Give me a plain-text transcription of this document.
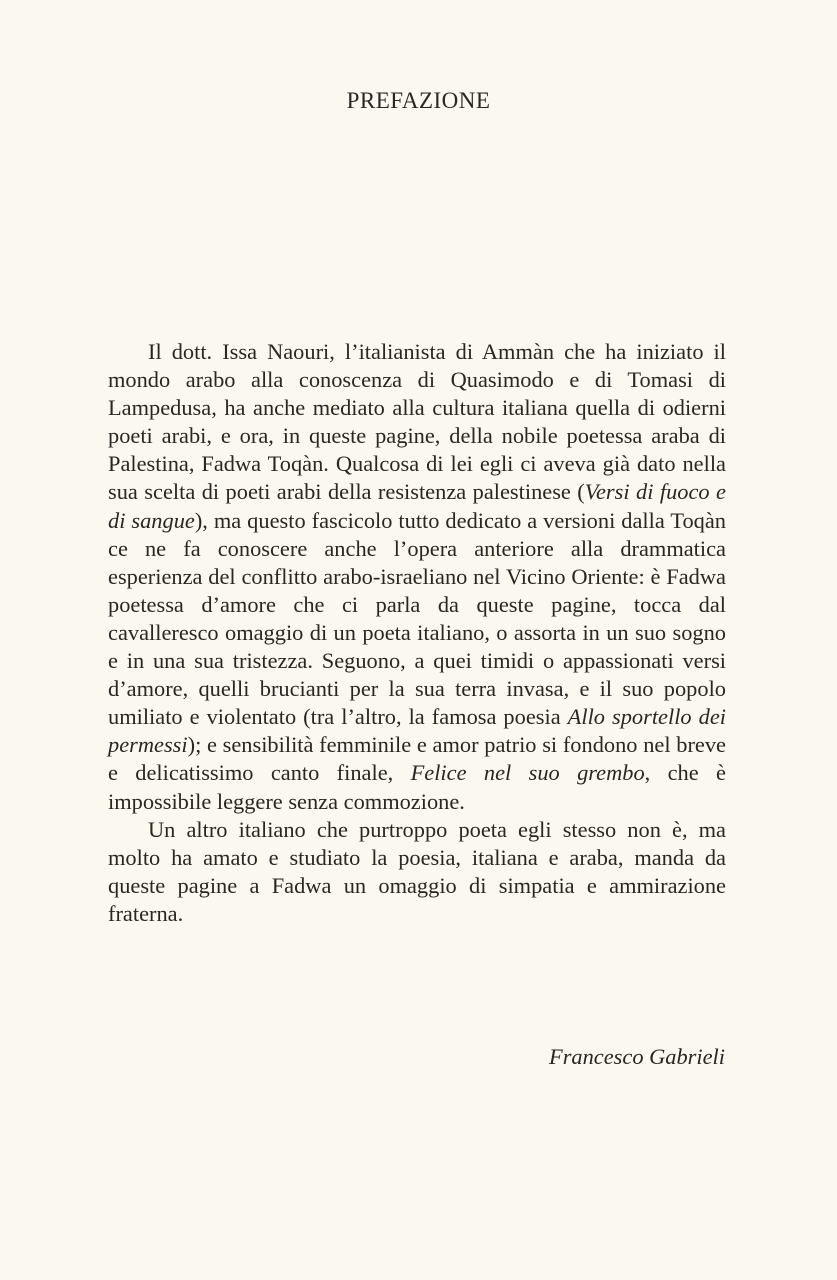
PREFAZIONE

Il dott. Issa Naouri, l’italianista di Ammàn che ha iniziato il mondo arabo alla conoscenza di Quasimodo e di Tomasi di Lampedusa, ha anche mediato alla cultura italiana quella di odierni poeti arabi, e ora, in queste pagine, della nobile poetessa araba di Palestina, Fadwa Toqàn. Qualcosa di lei egli ci aveva già dato nella sua scelta di poeti arabi della resistenza palestinese (Versi di fuoco e di sangue), ma questo fascicolo tutto dedicato a versioni dalla Toqàn ce ne fa conoscere anche l’opera anteriore alla drammatica esperienza del conflitto arabo-israeliano nel Vicino Oriente: è Fadwa poetessa d’amore che ci parla da queste pagine, tocca dal cavalleresco omaggio di un poeta italiano, o assorta in un suo sogno e in una sua tristezza. Seguono, a quei timidi o appassionati versi d’amore, quelli brucianti per la sua terra invasa, e il suo popolo umiliato e violentato (tra l’altro, la famosa poesia Allo sportello dei permessi); e sensibilità femminile e amor patrio si fondono nel breve e delicatissimo canto finale, Felice nel suo grembo, che è impossibile leggere senza commozione.

Un altro italiano che purtroppo poeta egli stesso non è, ma molto ha amato e studiato la poesia, italiana e araba, manda da queste pagine a Fadwa un omaggio di simpatia e ammirazione fraterna.

Francesco Gabrieli
